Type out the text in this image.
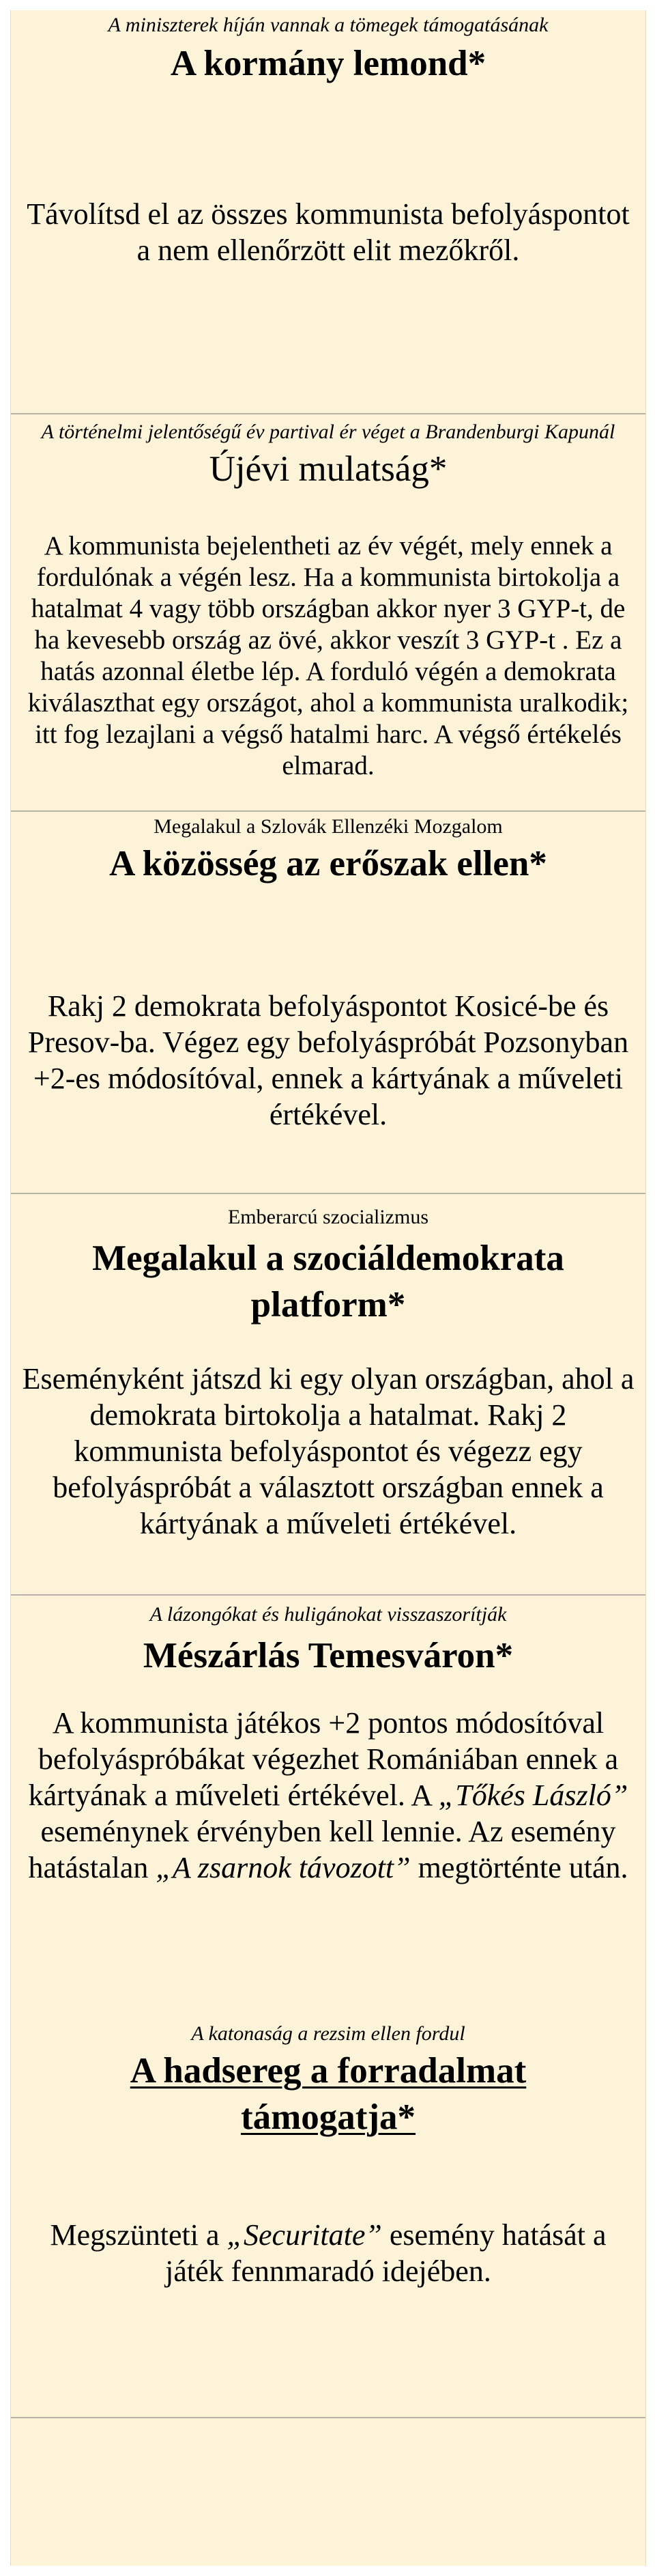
A miniszterek híján vannak a tömegek támogatásának

A kormány lemond*

Távolítsd el az összes kommunista befolyáspontot a nem ellenőrzött elit mezőkről.

A történelmi jelentőségű év partival ér véget a Brandenburgi Kapunál

Újévi mulatság*

A kommunista bejelentheti az év végét, mely ennek a fordulónak a végén lesz. Ha a kommunista birtokolja a hatalmat 4 vagy több országban akkor nyer 3 GYP-t, de ha kevesebb ország az övé, akkor veszít 3 GYP-t . Ez a hatás azonnal életbe lép. A forduló végén a demokrata kiválaszthat egy országot, ahol a kommunista uralkodik; itt fog lezajlani a végső hatalmi harc. A végső értékelés elmarad.

Megalakul a Szlovák Ellenzéki Mozgalom

A közösség az erőszak ellen*

Rakj 2 demokrata befolyáspontot Kosicé-be és Presov-ba. Végez egy befolyáspróbát Pozsonyban +2-es módosítóval, ennek a kártyának a műveleti értékével.

Emberarcú szocializmus

Megalakul a szociáldemokrata
platform*

Eseményként játszd ki egy olyan országban, ahol a demokrata birtokolja a hatalmat. Rakj 2 kommunista befolyáspontot és végezz egy befolyáspróbát a választott országban ennek a kártyának a műveleti értékével.

A lázongókat és huligánokat visszaszorítják

Mészárlás Temesváron*

A kommunista játékos +2 pontos módosítóval befolyáspróbákat végezhet Romániában ennek a kártyának a műveleti értékével. A „Tőkés László” eseménynek érvényben kell lennie. Az esemény hatástalan „A zsarnok távozott” megtörténte után.

A katonaság a rezsim ellen fordul

A hadsereg a forradalmat
támogatja*

Megszünteti a „Securitate” esemény hatását a játék fennmaradó idejében.
